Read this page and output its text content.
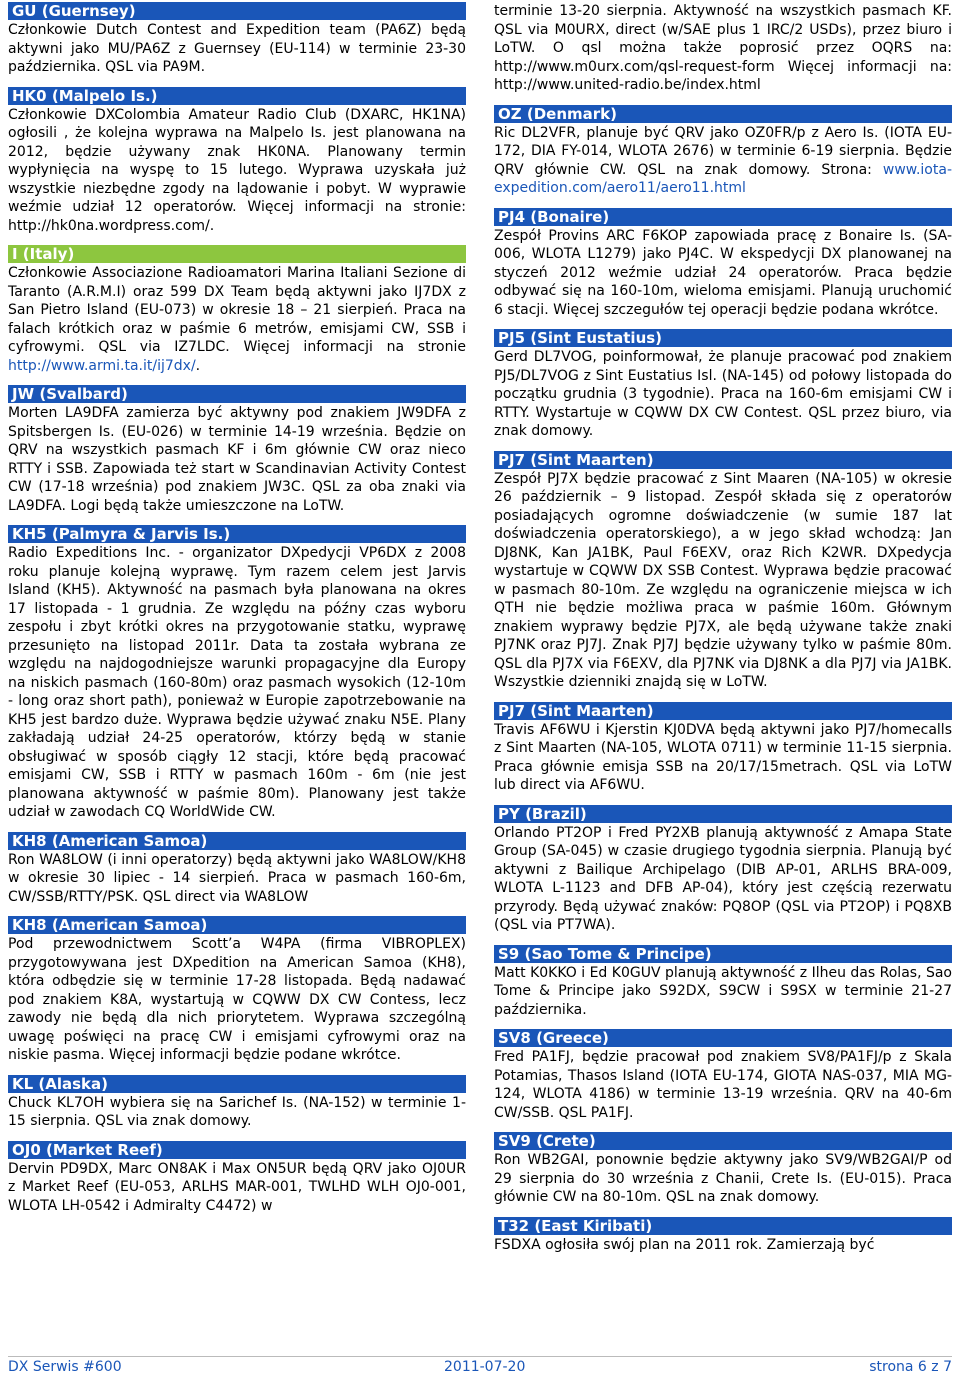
GU (Guernsey)
Członkowie Dutch Contest and Expedition team (PA6Z) będą aktywni jako MU/PA6Z z Guernsey (EU-114) w terminie 23-30 października. QSL via PA9M.
HK0 (Malpelo Is.)
Członkowie DXColombia Amateur Radio Club (DXARC, HK1NA) ogłosili , że kolejna wyprawa na Malpelo Is. jest planowana na 2012, będzie używany znak HK0NA. Planowany termin wypłynięcia na wyspę to 15 lutego. Wyprawa uzyskała już wszystkie niezbędne zgody na lądowanie i pobyt. W wyprawie weźmie udział 12 operatorów. Więcej informacji na stronie: http://hk0na.wordpress.com/.
I (Italy)
Członkowie Associazione Radioamatori Marina Italiani Sezione di Taranto (A.R.M.I) oraz 599 DX Team będą aktywni jako IJ7DX z San Pietro Island (EU-073) w okresie 18 – 21 sierpień. Praca na falach krótkich oraz w paśmie 6 metrów, emisjami CW, SSB i cyfrowymi. QSL via IZ7LDC. Więcej informacji na stronie http://www.armi.ta.it/ij7dx/.
JW (Svalbard)
Morten LA9DFA zamierza być aktywny pod znakiem JW9DFA z Spitsbergen Is. (EU-026) w terminie 14-19 września. Będzie on QRV na wszystkich pasmach KF i 6m głównie CW oraz nieco RTTY i SSB. Zapowiada też start w Scandinavian Activity Contest CW (17-18 września) pod znakiem JW3C. QSL za oba znaki via LA9DFA. Logi będą także umieszczone na LoTW.
KH5 (Palmyra & Jarvis Is.)
Radio Expeditions Inc. - organizator DXpedycji VP6DX z 2008 roku planuje kolejną wyprawę. Tym razem celem jest Jarvis Island (KH5). Aktywność na pasmach była planowana na okres 17 listopada - 1 grudnia. Ze względu na późny czas wyboru zespołu i zbyt krótki okres na przygotowanie statku, wyprawę przesunięto na listopad 2011r. Data ta została wybrana ze względu na najdogodniejsze warunki propagacyjne dla Europy na niskich pasmach (160-80m) oraz pasmach wysokich (12-10m - long oraz short path), ponieważ w Europie zapotrzebowanie na KH5 jest bardzo duże. Wyprawa będzie używać znaku N5E. Plany zakładają udział 24-25 operatorów, którzy będą w stanie obsługiwać w sposób ciągły 12 stacji, które będą pracować emisjami CW, SSB i RTTY w pasmach 160m - 6m (nie jest planowana aktywność w paśmie 80m). Planowany jest także udział w zawodach CQ WorldWide CW.
KH8 (American Samoa)
Ron WA8LOW (i inni operatorzy) będą aktywni jako WA8LOW/KH8 w okresie 30 lipiec - 14 sierpień. Praca w pasmach 160-6m, CW/SSB/RTTY/PSK. QSL direct via WA8LOW
KH8 (American Samoa)
Pod przewodnictwem Scott’a W4PA (firma VIBROPLEX) przygotowywana jest DXpedition na American Samoa (KH8), która odbędzie się w terminie 17-28 listopada. Będą nadawać pod znakiem K8A, wystartują w CQWW DX CW Contess, lecz zawody nie będą dla nich priorytetem. Wyprawa szczególną uwagę poświęci na pracę CW i emisjami cyfrowymi oraz na niskie pasma. Więcej informacji będzie podane wkrótce.
KL (Alaska)
Chuck KL7OH wybiera się na Sarichef Is. (NA-152) w terminie 1-15 sierpnia. QSL via znak domowy.
OJ0 (Market Reef)
Dervin PD9DX, Marc ON8AK i Max ON5UR będą QRV jako OJ0UR z Market Reef (EU-053, ARLHS MAR-001, TWLHD WLH OJ0-001, WLOTA LH-0542 i Admiralty C4472) w
terminie 13-20 sierpnia. Aktywność na wszystkich pasmach KF. QSL via M0URX, direct (w/SAE plus 1 IRC/2 USDs), przez biuro i LoTW. O qsl można także poprosić przez OQRS na: http://www.m0urx.com/qsl-request-form Więcej informacji na: http://www.united-radio.be/index.html
OZ (Denmark)
Ric DL2VFR, planuje być QRV jako OZ0FR/p z Aero Is. (IOTA EU-172, DIA FY-014, WLOTA 2676) w terminie 6-19 sierpnia. Będzie QRV głównie CW. QSL na znak domowy. Strona: www.iota-expedition.com/aero11/aero11.html
PJ4 (Bonaire)
Zespół Provins ARC F6KOP zapowiada pracę z Bonaire Is. (SA-006, WLOTA L1279) jako PJ4C. W ekspedycji DX planowanej na styczeń 2012 weźmie udział 24 operatorów. Praca będzie odbywać się na 160-10m, wieloma emisjami. Planują uruchomić 6 stacji. Więcej szczegułów tej operacji będzie podana wkrótce.
PJ5 (Sint Eustatius)
Gerd DL7VOG, poinformował, że planuje pracować pod znakiem PJ5/DL7VOG z Sint Eustatius Isl. (NA-145) od połowy listopada do początku grudnia (3 tygodnie). Praca na 160-6m emisjami CW i RTTY. Wystartuje w CQWW DX CW Contest. QSL przez biuro, via znak domowy.
PJ7 (Sint Maarten)
Zespół PJ7X będzie pracować z Sint Maaren (NA-105) w okresie 26 październik – 9 listopad. Zespół składa się z operatorów posiadających ogromne doświadczenie (w sumie 187 lat doświadczenia operatorskiego), a w jego skład wchodzą: Jan DJ8NK, Kan JA1BK, Paul F6EXV, oraz Rich K2WR. DXpedycja wystartuje w CQWW DX SSB Contest. Wyprawa będzie pracować w pasmach 80-10m. Ze względu na ograniczenie miejsca w ich QTH nie będzie możliwa praca w paśmie 160m. Głównym znakiem wyprawy będzie PJ7X, ale będą używane także znaki PJ7NK oraz PJ7J. Znak PJ7J będzie używany tylko w paśmie 80m. QSL dla PJ7X via F6EXV, dla PJ7NK via DJ8NK a dla PJ7J via JA1BK. Wszystkie dzienniki znajdą się w LoTW.
PJ7 (Sint Maarten)
Travis AF6WU i Kjerstin KJ0DVA będą aktywni jako PJ7/homecalls z Sint Maarten (NA-105, WLOTA 0711) w terminie 11-15 sierpnia. Praca głównie emisja SSB na 20/17/15metrach. QSL via LoTW lub direct via AF6WU.
PY (Brazil)
Orlando PT2OP i Fred PY2XB planują aktywność z Amapa State Group (SA-045) w czasie drugiego tygodnia sierpnia. Planują być aktywni z Bailique Archipelago (DIB AP-01, ARLHS BRA-009, WLOTA L-1123 and DFB AP-04), który jest częścią rezerwatu przyrody. Będą używać znaków: PQ8OP (QSL via PT2OP) i PQ8XB (QSL via PT7WA).
S9 (Sao Tome & Principe)
Matt K0KKO i Ed K0GUV planują aktywność z Ilheu das Rolas, Sao Tome & Principe jako S92DX, S9CW i S9SX w terminie 21-27 października.
SV8 (Greece)
Fred PA1FJ, będzie pracował pod znakiem SV8/PA1FJ/p z Skala Potamias, Thasos Island (IOTA EU-174, GIOTA NAS-037, MIA MG-124, WLOTA 4186) w terminie 13-19 września. QRV na 40-6m CW/SSB. QSL PA1FJ.
SV9 (Crete)
Ron WB2GAI, ponownie będzie aktywny jako SV9/WB2GAI/P od 29 sierpnia do 30 września z Chanii, Crete Is. (EU-015). Praca głównie CW na 80-10m. QSL na znak domowy.
T32 (East Kiribati)
FSDXA ogłosiła swój plan na 2011 rok. Zamierzają być
DX Serwis #600	2011-07-20	strona 6 z 7
